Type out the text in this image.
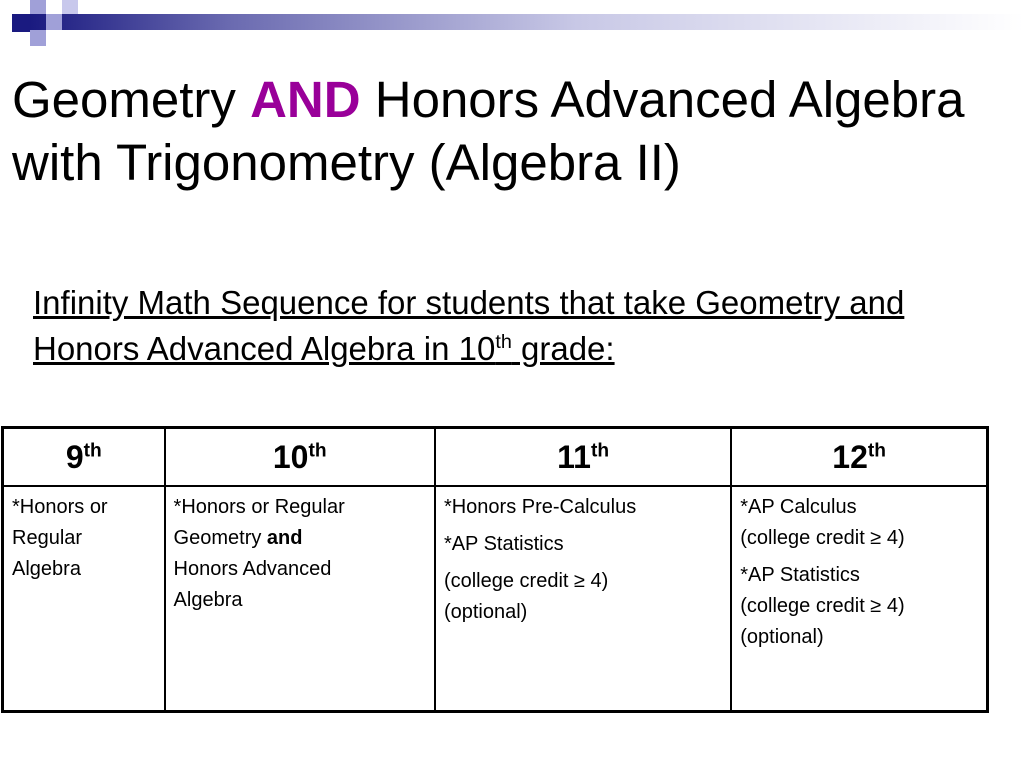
Geometry AND Honors Advanced Algebra with Trigonometry (Algebra II)
Infinity Math Sequence for students that take Geometry and Honors Advanced Algebra in 10th grade:
9th	10th	11th	12th

*Honors or
Regular
Algebra	*Honors or Regular
Geometry and
Honors Advanced
Algebra	*Honors Pre-Calculus
*AP Statistics
(college credit ≥ 4)
(optional)	*AP Calculus
(college credit ≥ 4)
*AP Statistics
(college credit ≥ 4)
(optional)
